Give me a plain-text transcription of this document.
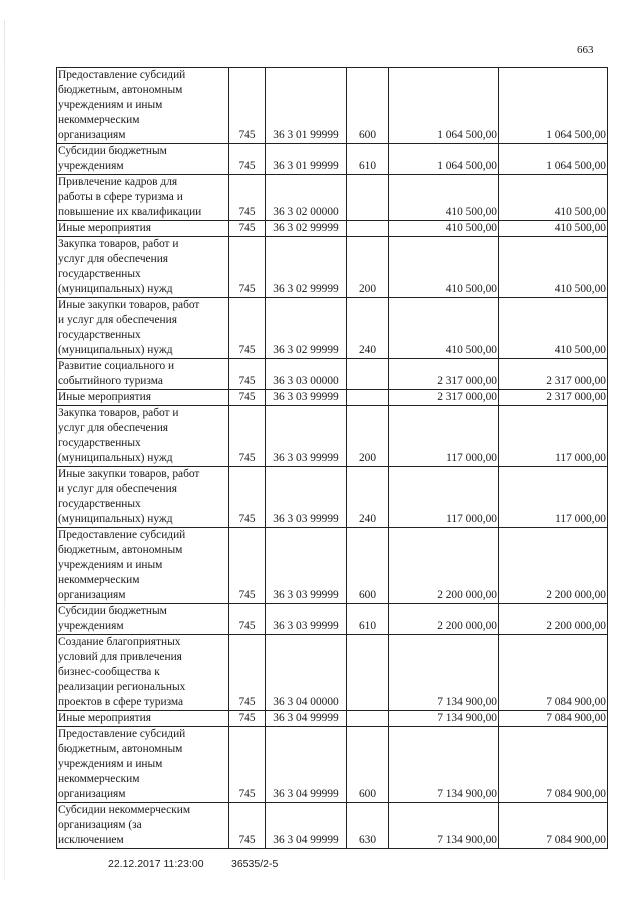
663
Предоставление субсидий
бюджетным, автономным
учреждениям и иным
некоммерческим
организациям	745	36 3 01 99999	600	1 064 500,00	1 064 500,00
Субсидии бюджетным
учреждениям	745	36 3 01 99999	610	1 064 500,00	1 064 500,00
Привлечение кадров для
работы в сфере туризма и
повышение их квалификации	745	36 3 02 00000		410 500,00	410 500,00
Иные мероприятия	745	36 3 02 99999		410 500,00	410 500,00
Закупка товаров, работ и
услуг для обеспечения
государственных
(муниципальных) нужд	745	36 3 02 99999	200	410 500,00	410 500,00
Иные закупки товаров, работ
и услуг для обеспечения
государственных
(муниципальных) нужд	745	36 3 02 99999	240	410 500,00	410 500,00
Развитие социального и
событийного туризма	745	36 3 03 00000		2 317 000,00	2 317 000,00
Иные мероприятия	745	36 3 03 99999		2 317 000,00	2 317 000,00
Закупка товаров, работ и
услуг для обеспечения
государственных
(муниципальных) нужд	745	36 3 03 99999	200	117 000,00	117 000,00
Иные закупки товаров, работ
и услуг для обеспечения
государственных
(муниципальных) нужд	745	36 3 03 99999	240	117 000,00	117 000,00
Предоставление субсидий
бюджетным, автономным
учреждениям и иным
некоммерческим
организациям	745	36 3 03 99999	600	2 200 000,00	2 200 000,00
Субсидии бюджетным
учреждениям	745	36 3 03 99999	610	2 200 000,00	2 200 000,00
Создание благоприятных
условий для привлечения
бизнес-сообщества к
реализации региональных
проектов в сфере туризма	745	36 3 04 00000		7 134 900,00	7 084 900,00
Иные мероприятия	745	36 3 04 99999		7 134 900,00	7 084 900,00
Предоставление субсидий
бюджетным, автономным
учреждениям и иным
некоммерческим
организациям	745	36 3 04 99999	600	7 134 900,00	7 084 900,00
Субсидии некоммерческим
организациям (за
исключением	745	36 3 04 99999	630	7 134 900,00	7 084 900,00
22.12.2017 11:23:00	36535/2-5
